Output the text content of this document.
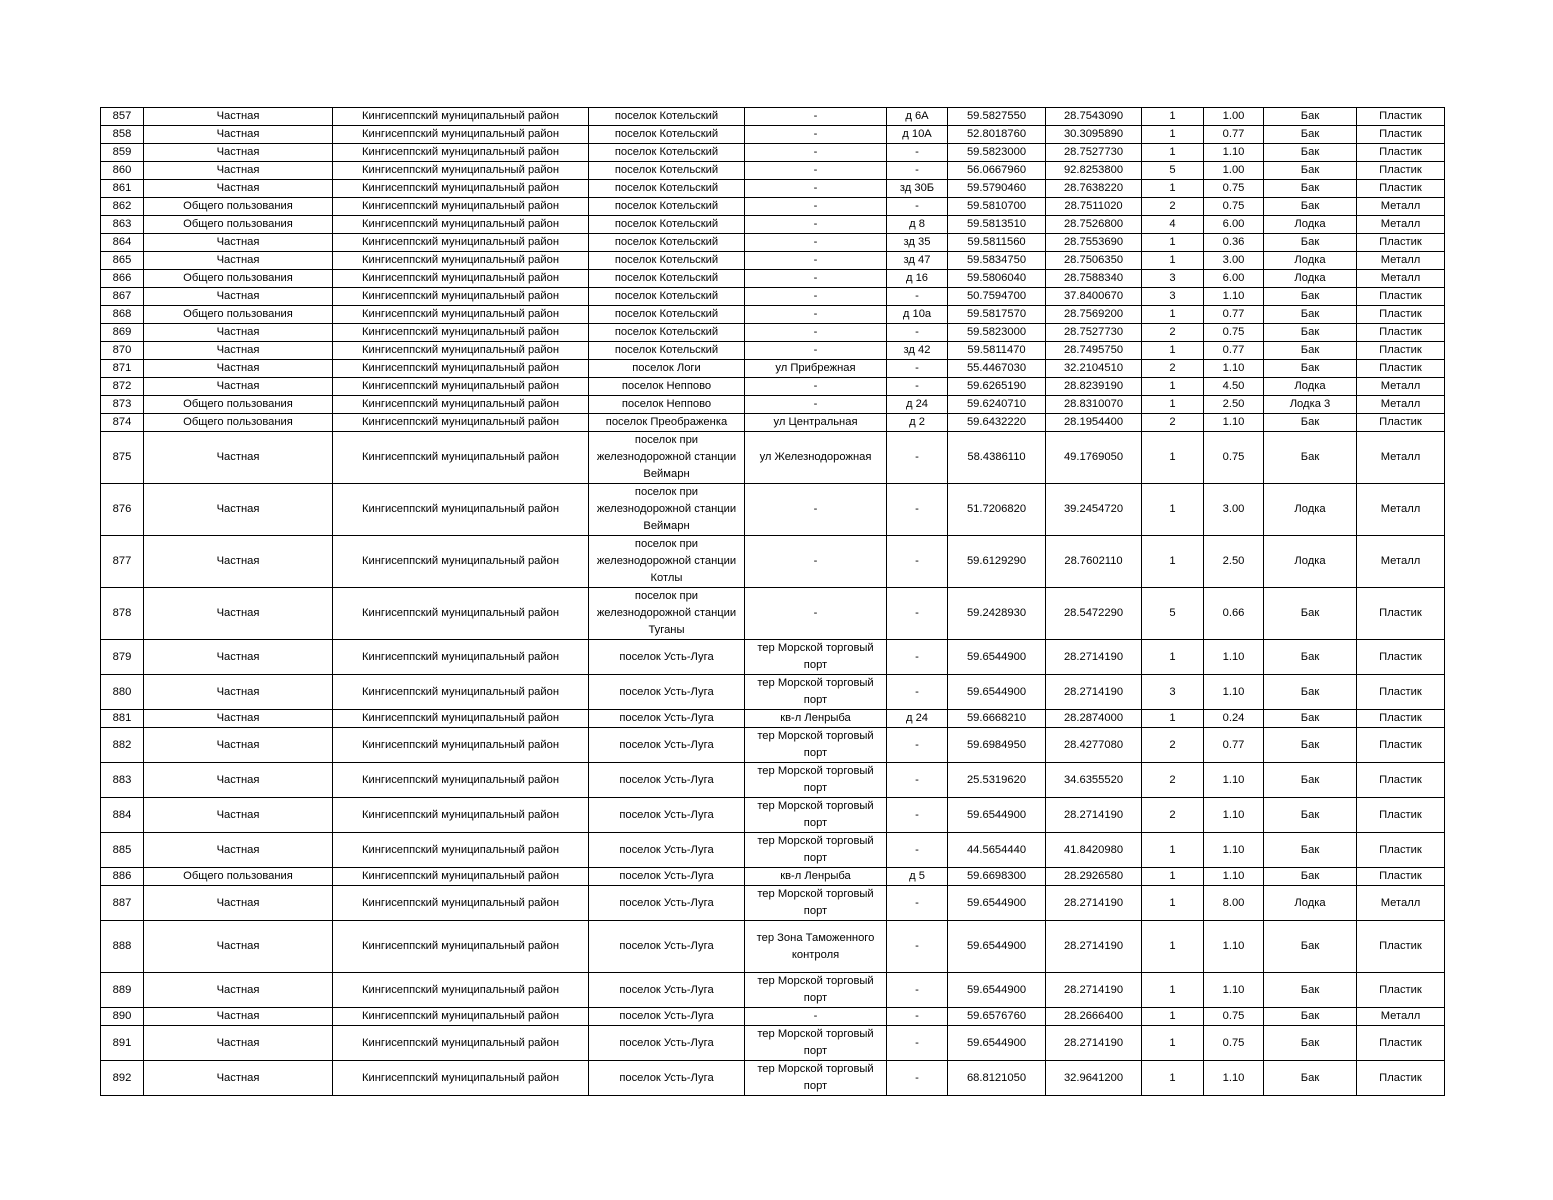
857	Частная	Кингисеппский муниципальный район	поселок Котельский	-	д 6А	59.5827550	28.7543090	1	1.00	Бак	Пластик
858	Частная	Кингисеппский муниципальный район	поселок Котельский	-	д 10А	52.8018760	30.3095890	1	0.77	Бак	Пластик
859	Частная	Кингисеппский муниципальный район	поселок Котельский	-	-	59.5823000	28.7527730	1	1.10	Бак	Пластик
860	Частная	Кингисеппский муниципальный район	поселок Котельский	-	-	56.0667960	92.8253800	5	1.00	Бак	Пластик
861	Частная	Кингисеппский муниципальный район	поселок Котельский	-	зд 30Б	59.5790460	28.7638220	1	0.75	Бак	Пластик
862	Общего пользования	Кингисеппский муниципальный район	поселок Котельский	-	-	59.5810700	28.7511020	2	0.75	Бак	Металл
863	Общего пользования	Кингисеппский муниципальный район	поселок Котельский	-	д 8	59.5813510	28.7526800	4	6.00	Лодка	Металл
864	Частная	Кингисеппский муниципальный район	поселок Котельский	-	зд 35	59.5811560	28.7553690	1	0.36	Бак	Пластик
865	Частная	Кингисеппский муниципальный район	поселок Котельский	-	зд 47	59.5834750	28.7506350	1	3.00	Лодка	Металл
866	Общего пользования	Кингисеппский муниципальный район	поселок Котельский	-	д 16	59.5806040	28.7588340	3	6.00	Лодка	Металл
867	Частная	Кингисеппский муниципальный район	поселок Котельский	-	-	50.7594700	37.8400670	3	1.10	Бак	Пластик
868	Общего пользования	Кингисеппский муниципальный район	поселок Котельский	-	д 10а	59.5817570	28.7569200	1	0.77	Бак	Пластик
869	Частная	Кингисеппский муниципальный район	поселок Котельский	-	-	59.5823000	28.7527730	2	0.75	Бак	Пластик
870	Частная	Кингисеппский муниципальный район	поселок Котельский	-	зд 42	59.5811470	28.7495750	1	0.77	Бак	Пластик
871	Частная	Кингисеппский муниципальный район	поселок Логи	ул Прибрежная	-	55.4467030	32.2104510	2	1.10	Бак	Пластик
872	Частная	Кингисеппский муниципальный район	поселок Неппово	-	-	59.6265190	28.8239190	1	4.50	Лодка	Металл
873	Общего пользования	Кингисеппский муниципальный район	поселок Неппово	-	д 24	59.6240710	28.8310070	1	2.50	Лодка 3	Металл
874	Общего пользования	Кингисеппский муниципальный район	поселок Преображенка	ул Центральная	д 2	59.6432220	28.1954400	2	1.10	Бак	Пластик
875	Частная	Кингисеппский муниципальный район	поселок при железнодорожной станции Веймарн	ул Железнодорожная	-	58.4386110	49.1769050	1	0.75	Бак	Металл
876	Частная	Кингисеппский муниципальный район	поселок при железнодорожной станции Веймарн	-	-	51.7206820	39.2454720	1	3.00	Лодка	Металл
877	Частная	Кингисеппский муниципальный район	поселок при железнодорожной станции Котлы	-	-	59.6129290	28.7602110	1	2.50	Лодка	Металл
878	Частная	Кингисеппский муниципальный район	поселок при железнодорожной станции Туганы	-	-	59.2428930	28.5472290	5	0.66	Бак	Пластик
879	Частная	Кингисеппский муниципальный район	поселок Усть-Луга	тер Морской торговый порт	-	59.6544900	28.2714190	1	1.10	Бак	Пластик
880	Частная	Кингисеппский муниципальный район	поселок Усть-Луга	тер Морской торговый порт	-	59.6544900	28.2714190	3	1.10	Бак	Пластик
881	Частная	Кингисеппский муниципальный район	поселок Усть-Луга	кв-л Ленрыба	д 24	59.6668210	28.2874000	1	0.24	Бак	Пластик
882	Частная	Кингисеппский муниципальный район	поселок Усть-Луга	тер Морской торговый порт	-	59.6984950	28.4277080	2	0.77	Бак	Пластик
883	Частная	Кингисеппский муниципальный район	поселок Усть-Луга	тер Морской торговый порт	-	25.5319620	34.6355520	2	1.10	Бак	Пластик
884	Частная	Кингисеппский муниципальный район	поселок Усть-Луга	тер Морской торговый порт	-	59.6544900	28.2714190	2	1.10	Бак	Пластик
885	Частная	Кингисеппский муниципальный район	поселок Усть-Луга	тер Морской торговый порт	-	44.5654440	41.8420980	1	1.10	Бак	Пластик
886	Общего пользования	Кингисеппский муниципальный район	поселок Усть-Луга	кв-л Ленрыба	д 5	59.6698300	28.2926580	1	1.10	Бак	Пластик
887	Частная	Кингисеппский муниципальный район	поселок Усть-Луга	тер Морской торговый порт	-	59.6544900	28.2714190	1	8.00	Лодка	Металл
888	Частная	Кингисеппский муниципальный район	поселок Усть-Луга	тер Зона Таможенного контроля	-	59.6544900	28.2714190	1	1.10	Бак	Пластик
889	Частная	Кингисеппский муниципальный район	поселок Усть-Луга	тер Морской торговый порт	-	59.6544900	28.2714190	1	1.10	Бак	Пластик
890	Частная	Кингисеппский муниципальный район	поселок Усть-Луга	-	-	59.6576760	28.2666400	1	0.75	Бак	Металл
891	Частная	Кингисеппский муниципальный район	поселок Усть-Луга	тер Морской торговый порт	-	59.6544900	28.2714190	1	0.75	Бак	Пластик
892	Частная	Кингисеппский муниципальный район	поселок Усть-Луга	тер Морской торговый порт	-	68.8121050	32.9641200	1	1.10	Бак	Пластик
